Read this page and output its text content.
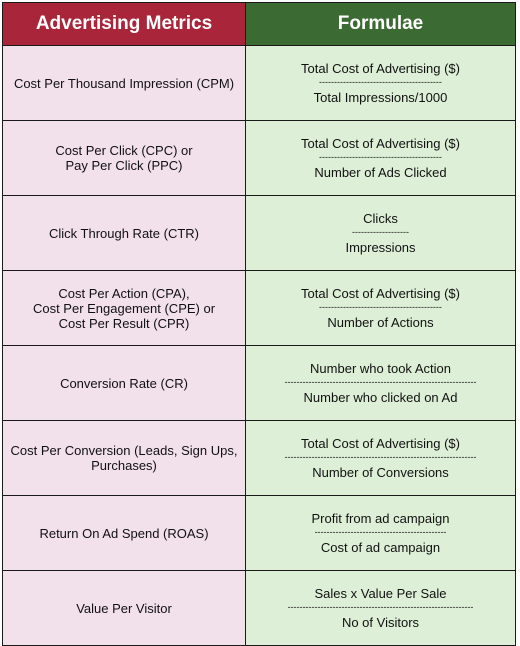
Advertising Metrics	Formulae

Cost Per Thousand Impression (CPM)	Total Cost of Advertising ($)
-----------------------------------------
Total Impressions/1000

Cost Per Click (CPC) or
Pay Per Click (PPC)	Total Cost of Advertising ($)
-----------------------------------------
Number of Ads Clicked

Click Through Rate (CTR)	Clicks
-------------------
Impressions

Cost Per Action (CPA),
Cost Per Engagement (CPE) or
Cost Per Result (CPR)	Total Cost of Advertising ($)
-----------------------------------------
Number of Actions

Conversion Rate (CR)	Number who took Action
----------------------------------------------------------------
Number who clicked on Ad

Cost Per Conversion (Leads, Sign Ups,
Purchases)	Total Cost of Advertising ($)
----------------------------------------------------------------
Number of Conversions

Return On Ad Spend (ROAS)	Profit from ad campaign
--------------------------------------------
Cost of ad campaign

Value Per Visitor	Sales x Value Per Sale
--------------------------------------------------------------
No of Visitors
